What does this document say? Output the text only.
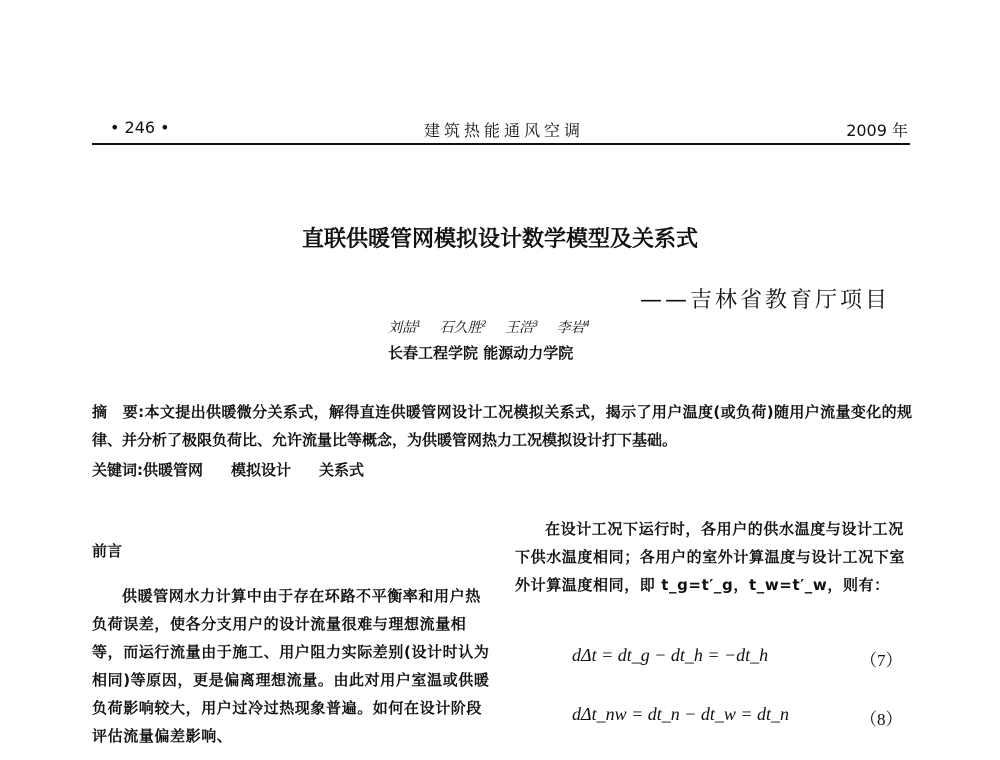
• 246 •	建筑热能通风空调	2009 年
直联供暖管网模拟设计数学模型及关系式
——吉林省教育厅项目
刘喆$^1$ 石久胜$^2$ 王浩$^3$ 李岩$^4$
长春工程学院 能源动力学院
摘　要:本文提出供暖微分关系式，解得直连供暖管网设计工况模拟关系式，揭示了用户温度(或负荷)随用户流量变化的规律、并分析了极限负荷比、允许流量比等概念，为供暖管网热力工况模拟设计打下基础。
关键词:供暖管网 模拟设计 关系式
前言
供暖管网水力计算中由于存在环路不平衡率和用户热负荷误差，使各分支用户的设计流量很难与理想流量相等，而运行流量由于施工、用户阻力实际差别(设计时认为相同)等原因，更是偏离理想流量。由此对用户室温或供暖负荷影响较大，用户过冷过热现象普遍。如何在设计阶段评估流量偏差影响、
在设计工况下运行时，各用户的供水温度与设计工况下供水温度相同；各用户的室外计算温度与设计工况下室外计算温度相同，即 t_g=t′_g，t_w=t′_w，则有：
dΔt = dt_g − dt_h = −dt_h	（7）
dΔt_nw = dt_n − dt_w = dt_n	（8）
